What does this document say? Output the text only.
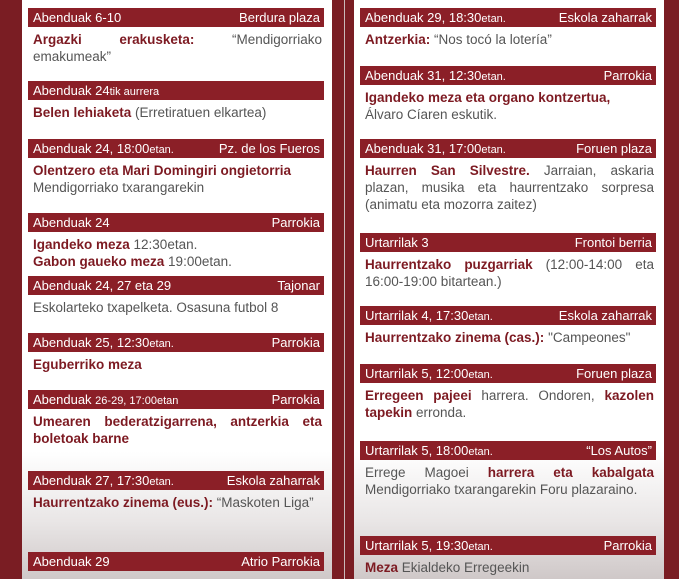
Abenduak 6-10	Berdura plaza
Argazki erakusketa: “Mendigorriako emakumeak”
Abenduak 24tik aurrera
Belen lehiaketa (Erretiratuen elkartea)
Abenduak 24, 18:00etan.	Pz. de los Fueros
Olentzero eta Mari Domingiri ongietorria
Mendigorriako txarangarekin
Abenduak 24	Parrokia
Igandeko meza 12:30etan.
Gabon gaueko meza 19:00etan.
Abenduak 24, 27 eta 29	Tajonar
Eskolarteko txapelketa. Osasuna futbol 8
Abenduak 25, 12:30etan.	Parrokia
Eguberriko meza
Abenduak 26-29, 17:00etan	Parrokia
Umearen bederatzigarrena, antzerkia eta boletoak barne
Abenduak 27, 17:30etan.	Eskola zaharrak
Haurrentzako zinema (eus.): “Maskoten Liga”
Abenduak 29	Atrio Parrokia
Abenduak 29, 18:30etan.	Eskola zaharrak
Antzerkia: “Nos tocó la lotería”
Abenduak 31, 12:30etan.	Parrokia
Igandeko meza eta organo kontzertua,
Álvaro Cíaren eskutik.
Abenduak 31, 17:00etan.	Foruen plaza
Haurren San Silvestre. Jarraian, askaria plazan, musika eta haurrentzako sorpresa (animatu eta mozorra zaitez)
Urtarrilak 3	Frontoi berria
Haurrentzako puzgarriak (12:00-14:00 eta 16:00-19:00 bitartean.)
Urtarrilak 4, 17:30etan.	Eskola zaharrak
Haurrentzako zinema (cas.): "Campeones"
Urtarrilak 5, 12:00etan.	Foruen plaza
Erregeen pajeei harrera. Ondoren, kazolen tapekin erronda.
Urtarrilak 5, 18:00etan.	“Los Autos”
Errege Magoei harrera eta kabalgata Mendigorriako txarangarekin Foru plazaraino.
Urtarrilak 5, 19:30etan.	Parrokia
Meza Ekialdeko Erregeekin
